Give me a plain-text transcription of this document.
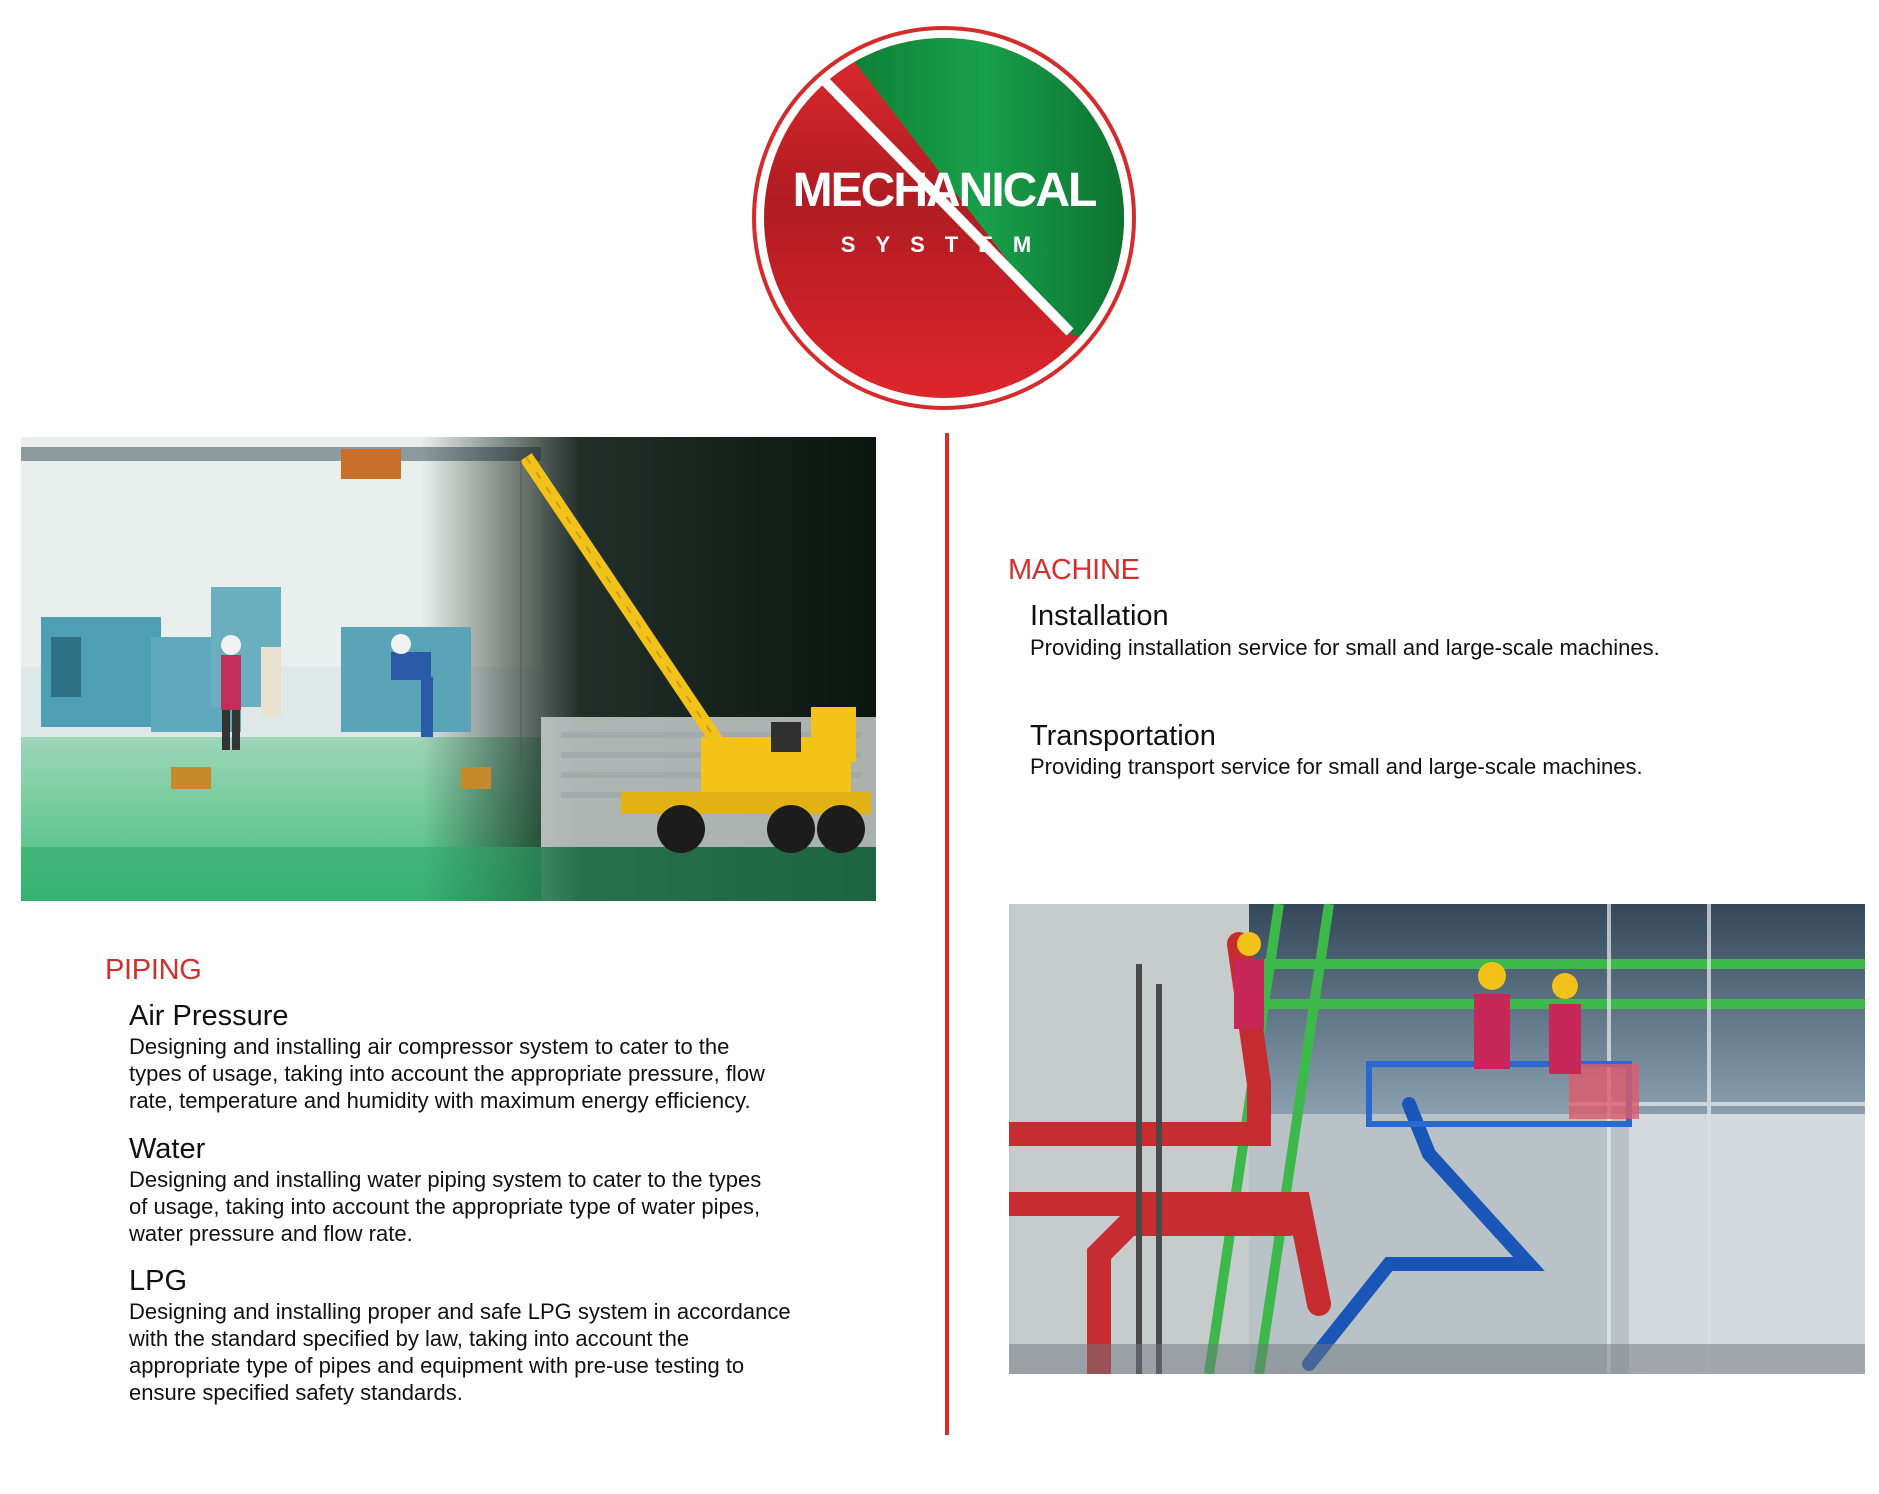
MECHANICAL
SYSTEM
MACHINE
Installation
Providing installation service for small and large-scale machines.
Transportation
Providing transport service for small and large-scale machines.
PIPING
Air Pressure
Designing and installing air compressor system to cater to the
types of usage, taking into account the appropriate pressure, flow
rate, temperature and humidity with maximum energy efficiency.
Water
Designing and installing water piping system to cater to the types
of usage, taking into account the appropriate type of water pipes,
water pressure and flow rate.
LPG
Designing and installing proper and safe LPG system in accordance
with the standard specified by law, taking into account the
appropriate type of pipes and equipment with pre-use testing to
ensure specified safety standards.
